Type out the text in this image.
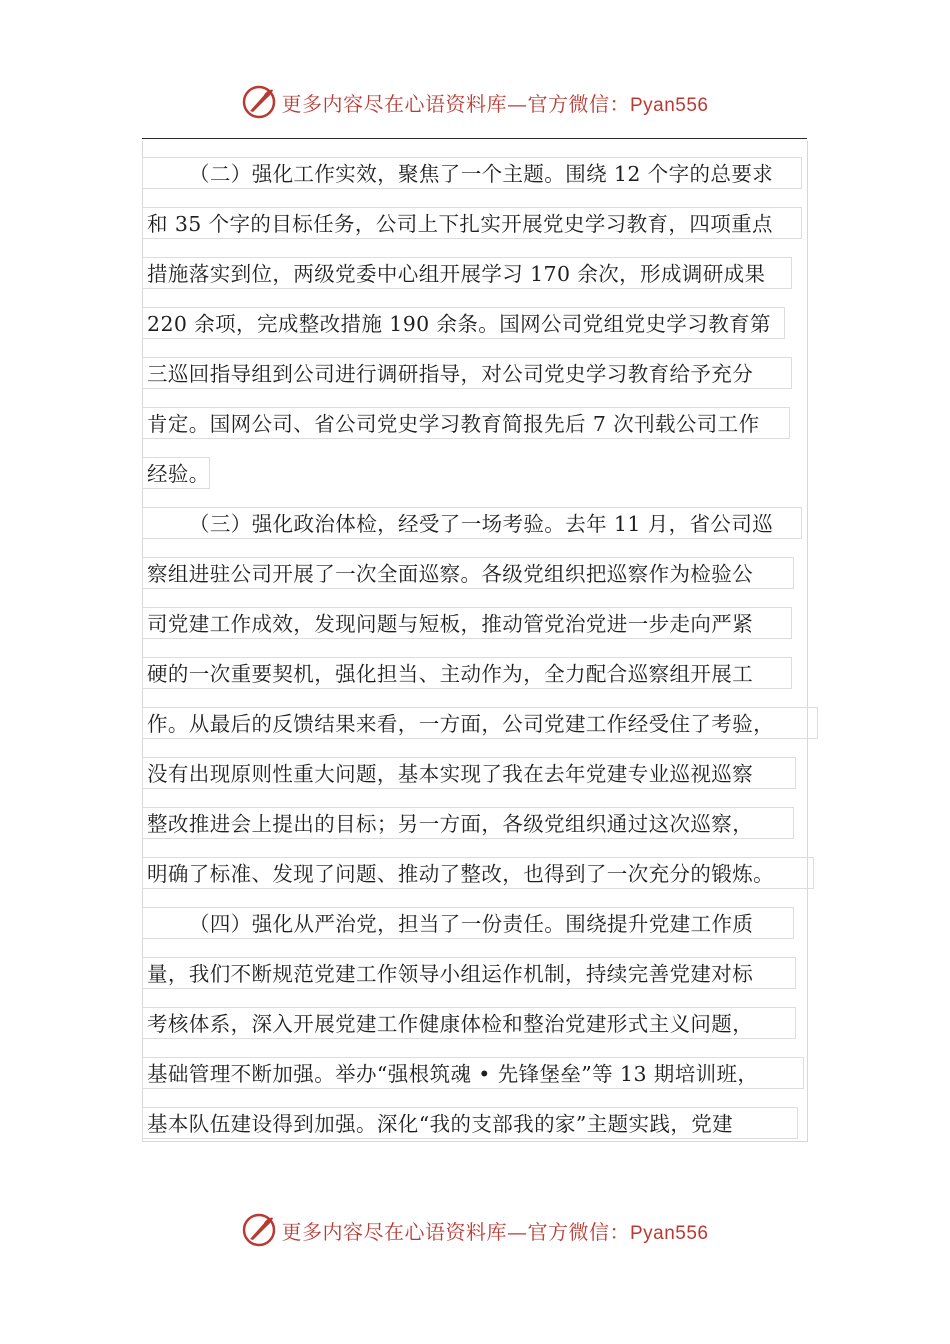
更多内容尽在心语资料库—官方微信：Pyan556
（二）强化工作实效，聚焦了一个主题。围绕 12 个字的总要求
和 35 个字的目标任务，公司上下扎实开展党史学习教育，四项重点
措施落实到位，两级党委中心组开展学习 170 余次，形成调研成果
220 余项，完成整改措施 190 余条。国网公司党组党史学习教育第
三巡回指导组到公司进行调研指导，对公司党史学习教育给予充分
肯定。国网公司、省公司党史学习教育简报先后 7 次刊载公司工作
经验。
（三）强化政治体检，经受了一场考验。去年 11 月，省公司巡
察组进驻公司开展了一次全面巡察。各级党组织把巡察作为检验公
司党建工作成效，发现问题与短板，推动管党治党进一步走向严紧
硬的一次重要契机，强化担当、主动作为，全力配合巡察组开展工
作。从最后的反馈结果来看，一方面，公司党建工作经受住了考验，
没有出现原则性重大问题，基本实现了我在去年党建专业巡视巡察
整改推进会上提出的目标；另一方面，各级党组织通过这次巡察，
明确了标准、发现了问题、推动了整改，也得到了一次充分的锻炼。
（四）强化从严治党，担当了一份责任。围绕提升党建工作质
量，我们不断规范党建工作领导小组运作机制，持续完善党建对标
考核体系，深入开展党建工作健康体检和整治党建形式主义问题，
基础管理不断加强。举办“强根筑魂 • 先锋堡垒”等 13 期培训班，
基本队伍建设得到加强。深化“我的支部我的家”主题实践，党建
更多内容尽在心语资料库—官方微信：Pyan556
